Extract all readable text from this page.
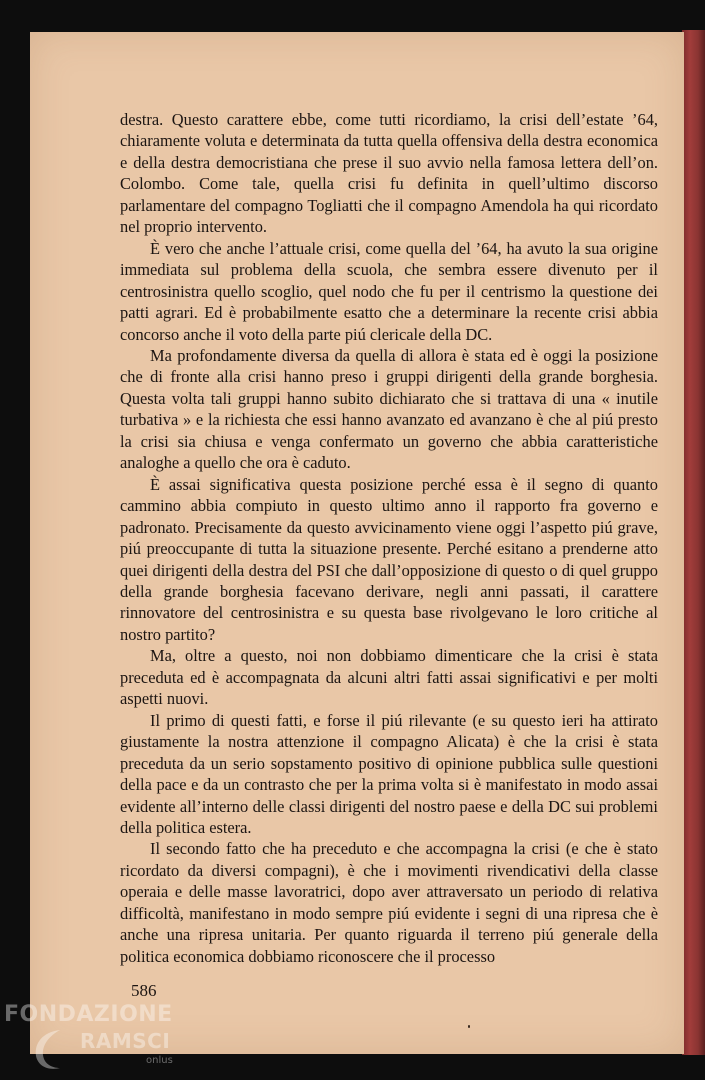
destra. Questo carattere ebbe, come tutti ricordiamo, la crisi dell’estate ’64, chiaramente voluta e determinata da tutta quella offensiva della destra economica e della destra democristiana che prese il suo avvio nella famosa lettera dell’on. Colombo. Come tale, quella crisi fu definita in quell’ultimo discorso parlamentare del compagno Togliatti che il compagno Amendola ha qui ricordato nel proprio intervento.

È vero che anche l’attuale crisi, come quella del ’64, ha avuto la sua origine immediata sul problema della scuola, che sembra essere divenuto per il centrosinistra quello scoglio, quel nodo che fu per il centrismo la questione dei patti agrari. Ed è probabilmente esatto che a determinare la recente crisi abbia concorso anche il voto della parte piú clericale della DC.

Ma profondamente diversa da quella di allora è stata ed è oggi la posizione che di fronte alla crisi hanno preso i gruppi dirigenti della grande borghesia. Questa volta tali gruppi hanno subito dichiarato che si trattava di una « inutile turbativa » e la richiesta che essi hanno avanzato ed avanzano è che al piú presto la crisi sia chiusa e venga confermato un governo che abbia caratteristiche analoghe a quello che ora è caduto.

È assai significativa questa posizione perché essa è il segno di quanto cammino abbia compiuto in questo ultimo anno il rapporto fra governo e padronato. Precisamente da questo avvicinamento viene oggi l’aspetto piú grave, piú preoccupante di tutta la situazione presente. Perché esitano a prenderne atto quei dirigenti della destra del PSI che dall’opposizione di questo o di quel gruppo della grande borghesia facevano derivare, negli anni passati, il carattere rinnovatore del centrosinistra e su questa base rivolgevano le loro critiche al nostro partito?

Ma, oltre a questo, noi non dobbiamo dimenticare che la crisi è stata preceduta ed è accompagnata da alcuni altri fatti assai significativi e per molti aspetti nuovi.

Il primo di questi fatti, e forse il piú rilevante (e su questo ieri ha attirato giustamente la nostra attenzione il compagno Alicata) è che la crisi è stata preceduta da un serio sopstamento positivo di opinione pubblica sulle questioni della pace e da un contrasto che per la prima volta si è manifestato in modo assai evidente all’interno delle classi dirigenti del nostro paese e della DC sui problemi della politica estera.

Il secondo fatto che ha preceduto e che accompagna la crisi (e che è stato ricordato da diversi compagni), è che i movimenti rivendicativi della classe operaia e delle masse lavoratrici, dopo aver attraversato un periodo di relativa difficoltà, manifestano in modo sempre piú evidente i segni di una ripresa che è anche una ripresa unitaria. Per quanto riguarda il terreno piú generale della politica economica dobbiamo riconoscere che il processo

586
FONDAZIONE
RAMSCI
onlus
